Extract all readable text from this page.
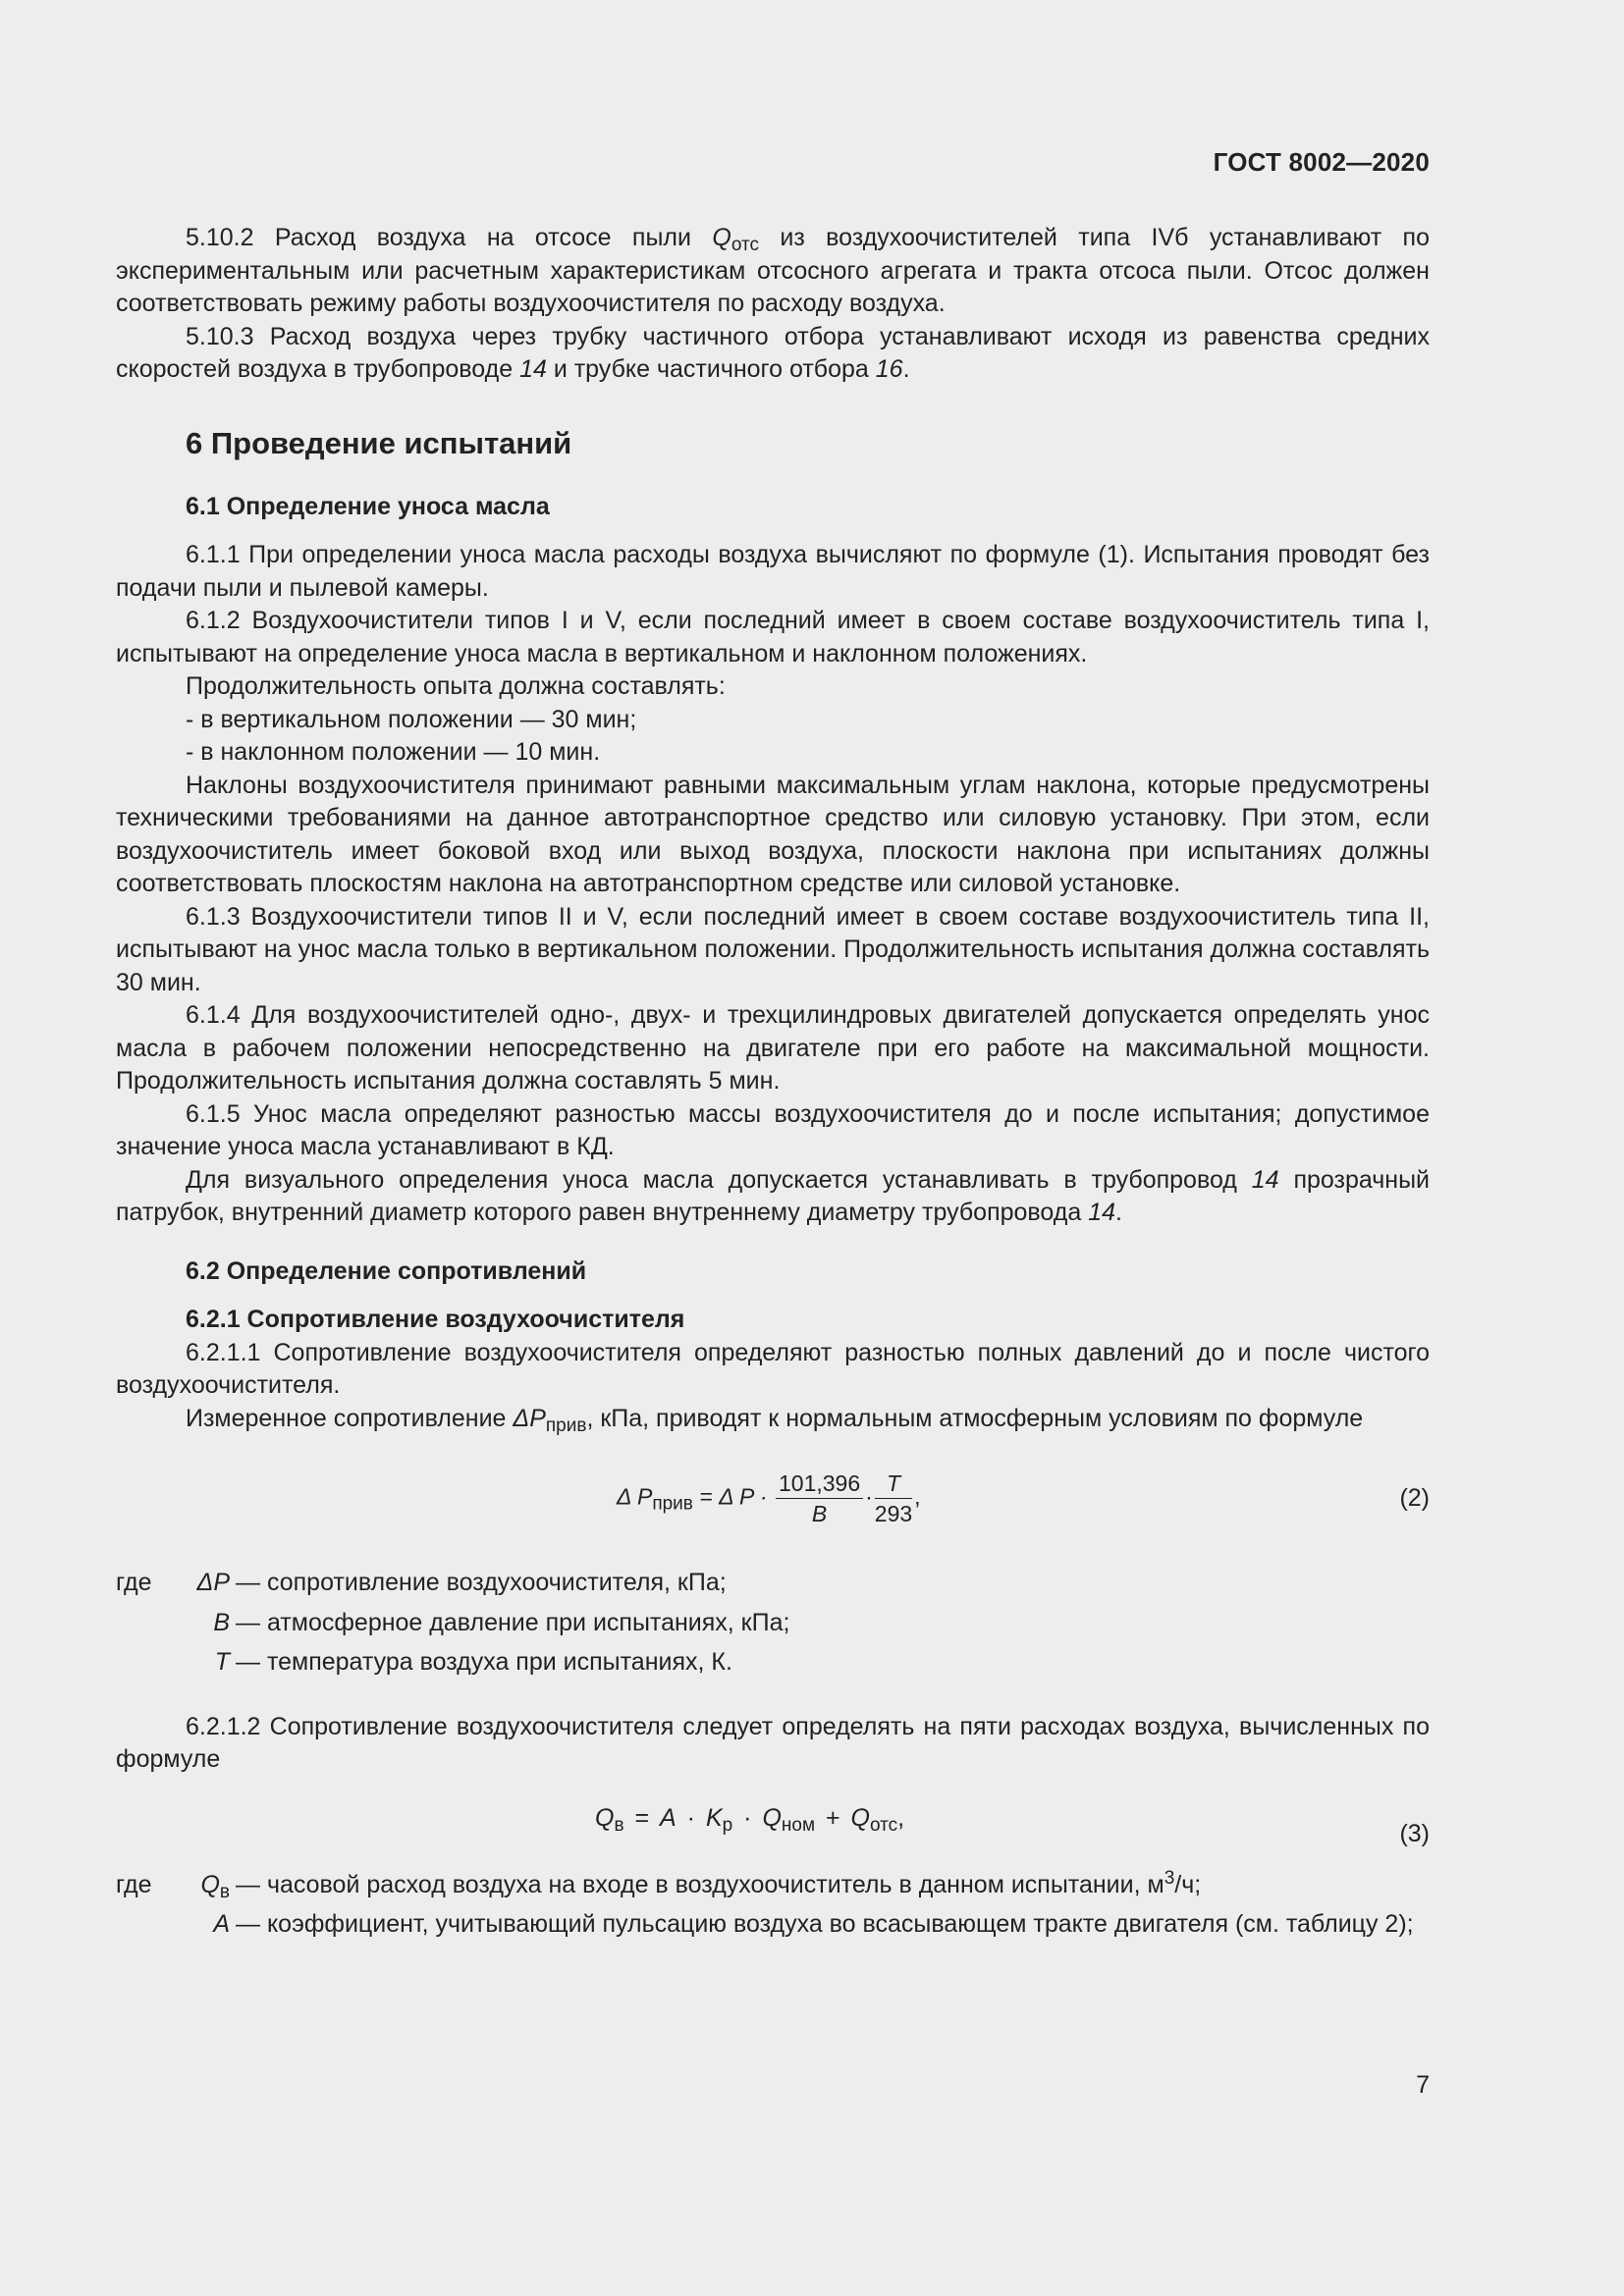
ГОСТ 8002—2020

5.10.2 Расход воздуха на отсосе пыли $Q_{отс}$ из воздухоочистителей типа IVб устанавливают по экспериментальным или расчетным характеристикам отсосного агрегата и тракта отсоса пыли. Отсос должен соответствовать режиму работы воздухоочистителя по расходу воздуха.

5.10.3 Расход воздуха через трубку частичного отбора устанавливают исходя из равенства средних скоростей воздуха в трубопроводе 14 и трубке частичного отбора 16.

6 Проведение испытаний
6.1 Определение уноса масла

6.1.1 При определении уноса масла расходы воздуха вычисляют по формуле (1). Испытания проводят без подачи пыли и пылевой камеры.

6.1.2 Воздухоочистители типов I и V, если последний имеет в своем составе воздухоочиститель типа I, испытывают на определение уноса масла в вертикальном и наклонном положениях.

Продолжительность опыта должна составлять:

- в вертикальном положении — 30 мин;

- в наклонном положении — 10 мин.

Наклоны воздухоочистителя принимают равными максимальным углам наклона, которые предусмотрены техническими требованиями на данное автотранспортное средство или силовую установку. При этом, если воздухоочиститель имеет боковой вход или выход воздуха, плоскости наклона при испытаниях должны соответствовать плоскостям наклона на автотранспортном средстве или силовой установке.

6.1.3 Воздухоочистители типов II и V, если последний имеет в своем составе воздухоочиститель типа II, испытывают на унос масла только в вертикальном положении. Продолжительность испытания должна составлять 30 мин.

6.1.4 Для воздухоочистителей одно-, двух- и трехцилиндровых двигателей допускается определять унос масла в рабочем положении непосредственно на двигателе при его работе на максимальной мощности. Продолжительность испытания должна составлять 5 мин.

6.1.5 Унос масла определяют разностью массы воздухоочистителя до и после испытания; допустимое значение уноса масла устанавливают в КД.

Для визуального определения уноса масла допускается устанавливать в трубопровод 14 прозрачный патрубок, внутренний диаметр которого равен внутреннему диаметру трубопровода 14.

6.2 Определение сопротивлений
6.2.1 Сопротивление воздухоочистителя

6.2.1.1 Сопротивление воздухоочистителя определяют разностью полных давлений до и после чистого воздухоочистителя.

Измеренное сопротивление $\Delta P_{прив}$, кПа, приводят к нормальным атмосферным условиям по формуле

Δ $P_{прив} = \Delta$ $P \cdot \frac{101,396}{B} \cdot \frac{T}{293}$ ,	(2)
где	ΔP — сопротивление воздухоочистителя, кПа;
B — атмосферное давление при испытаниях, кПа;
T — температура воздуха при испытаниях, К.

6.2.1.2 Сопротивление воздухоочистителя следует определять на пяти расходах воздуха, вычисленных по формуле

$Q_в = A \cdot K_р \cdot Q_{ном} + Q_{отс}$,
(3)
где	$Q_в$ — часовой расход воздуха на входе в воздухоочиститель в данном испытании, $м^3/ч$;
A — коэффициент, учитывающий пульсацию воздуха во всасывающем тракте двигателя (см. таблицу 2);
7
